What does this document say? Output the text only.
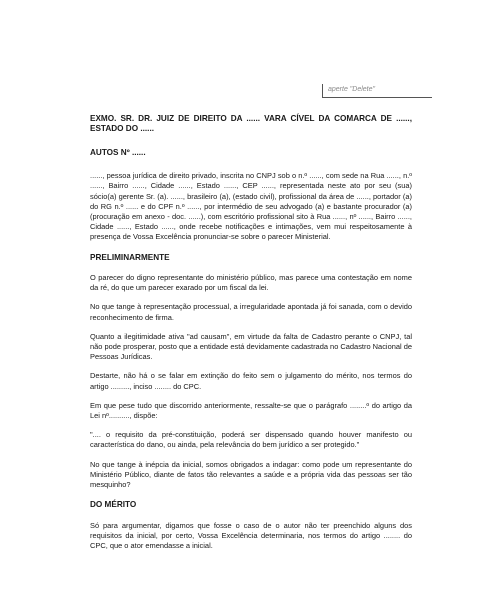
aperte "Delete"

EXMO. SR. DR. JUIZ DE DIREITO DA ...... VARA CÍVEL DA COMARCA DE ......, ESTADO DO ......

AUTOS Nº ......

......, pessoa jurídica de direito privado, inscrita no CNPJ sob o n.º ......, com sede na Rua ......, n.º ......, Bairro ......, Cidade ......, Estado ......, CEP ......, representada neste ato por seu (sua) sócio(a) gerente Sr. (a). ......, brasileiro (a), (estado civil), profissional da área de ......, portador (a) do RG n.º ...... e do CPF n.º ......, por intermédio de seu advogado (a) e bastante procurador (a) (procuração em anexo - doc. ......), com escritório profissional sito à Rua ......, nº ......, Bairro ......, Cidade ......, Estado ......, onde recebe notificações e intimações, vem mui respeitosamente à presença de Vossa Excelência pronunciar-se sobre o parecer Ministerial.

PRELIMINARMENTE

O parecer do digno representante do ministério público, mas parece uma contestação em nome da ré, do que um parecer exarado por um fiscal da lei.

No que tange à representação processual, a irregularidade apontada já foi sanada, com o devido reconhecimento de firma.

Quanto a ilegitimidade ativa "ad causam", em virtude da falta de Cadastro perante o CNPJ, tal não pode prosperar, posto que a entidade está devidamente cadastrada no Cadastro Nacional de Pessoas Jurídicas.

Destarte, não há o se falar em extinção do feito sem o julgamento do mérito, nos termos do artigo ........., inciso ........ do CPC.

Em que pese tudo que discorrido anteriormente, ressalte-se que o parágrafo ........º do artigo da Lei nº.........., dispõe:

".... o requisito da pré-constituição, poderá ser dispensado quando houver manifesto ou característica do dano, ou ainda, pela relevância do bem jurídico a ser protegido."

No que tange à inépcia da inicial, somos obrigados a indagar: como pode um representante do Ministério Público, diante de fatos tão relevantes a saúde e a própria vida das pessoas ser tão mesquinho?

DO MÉRITO

Só para argumentar, digamos que fosse o caso de o autor não ter preenchido alguns dos requisitos da inicial, por certo, Vossa Excelência determinaria, nos termos do artigo ........ do CPC, que o ator emendasse a inicial.
